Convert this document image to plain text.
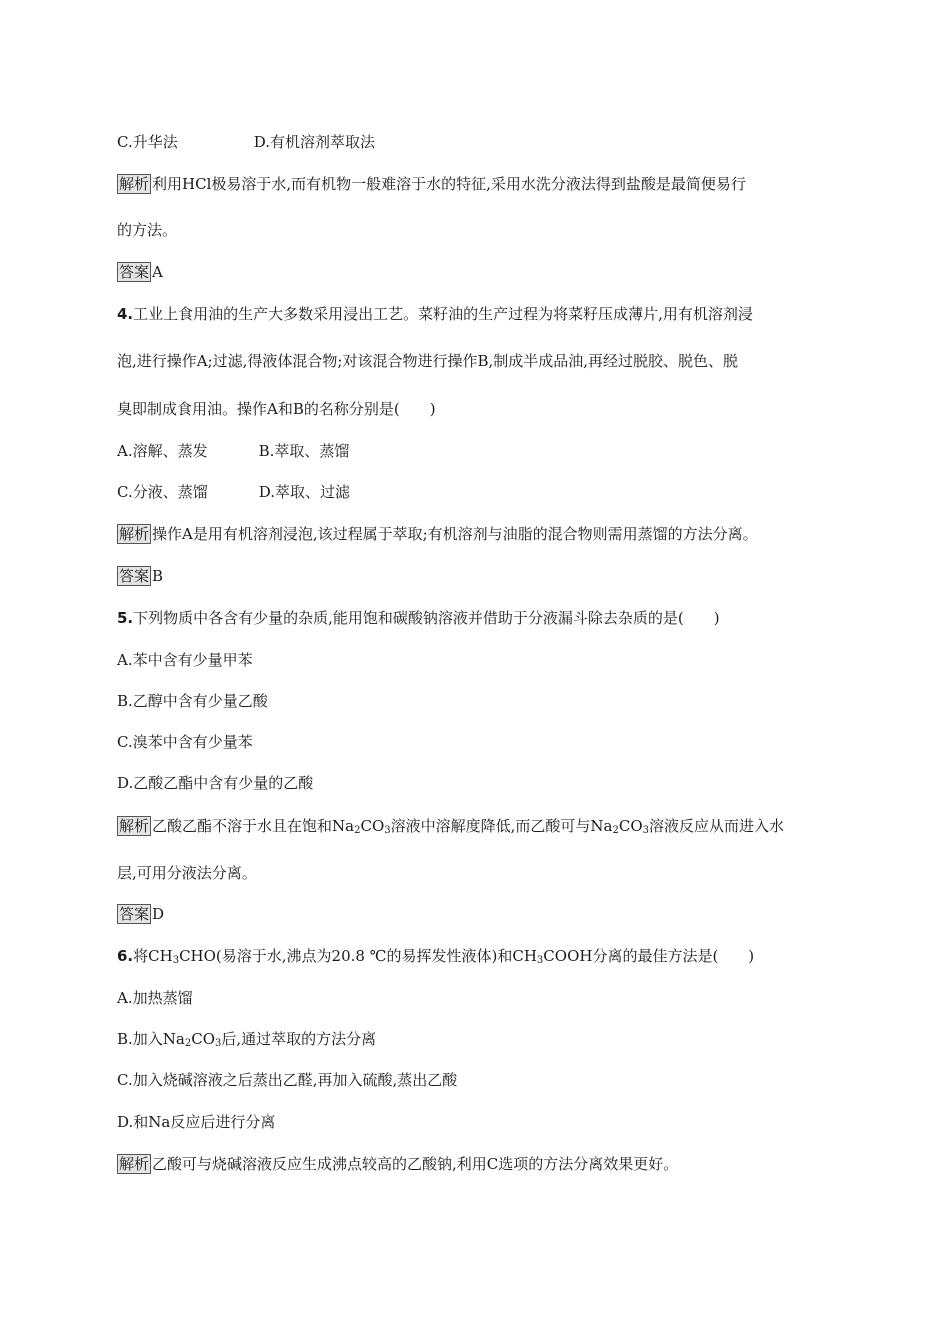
C.升华法	D.有机溶剂萃取法
解析 利用HCl极易溶于水,而有机物一般难溶于水的特征,采用水洗分液法得到盐酸是最简便易行
的方法。
答案 A
4.工业上食用油的生产大多数采用浸出工艺。菜籽油的生产过程为将菜籽压成薄片,用有机溶剂浸
泡,进行操作A;过滤,得液体混合物;对该混合物进行操作B,制成半成品油,再经过脱胶、脱色、脱
臭即制成食用油。操作A和B的名称分别是(　　)
A.溶解、蒸发	B.萃取、蒸馏
C.分液、蒸馏	D.萃取、过滤
解析 操作A是用有机溶剂浸泡,该过程属于萃取;有机溶剂与油脂的混合物则需用蒸馏的方法分离。
答案 B
5.下列物质中各含有少量的杂质,能用饱和碳酸钠溶液并借助于分液漏斗除去杂质的是(　　)
A.苯中含有少量甲苯
B.乙醇中含有少量乙酸
C.溴苯中含有少量苯
D.乙酸乙酯中含有少量的乙酸
解析 乙酸乙酯不溶于水且在饱和$Na_2CO_3$溶液中溶解度降低,而乙酸可与$Na_2CO_3$溶液反应从而进入水
层,可用分液法分离。
答案 D
6.将$CH_3CHO$(易溶于水,沸点为20.8 ℃的易挥发性液体)和$CH_3COOH$分离的最佳方法是(　　)
A.加热蒸馏
B.加入$Na_2CO_3$后,通过萃取的方法分离
C.加入烧碱溶液之后蒸出乙醛,再加入硫酸,蒸出乙酸
D.和Na反应后进行分离
解析 乙酸可与烧碱溶液反应生成沸点较高的乙酸钠,利用C选项的方法分离效果更好。
